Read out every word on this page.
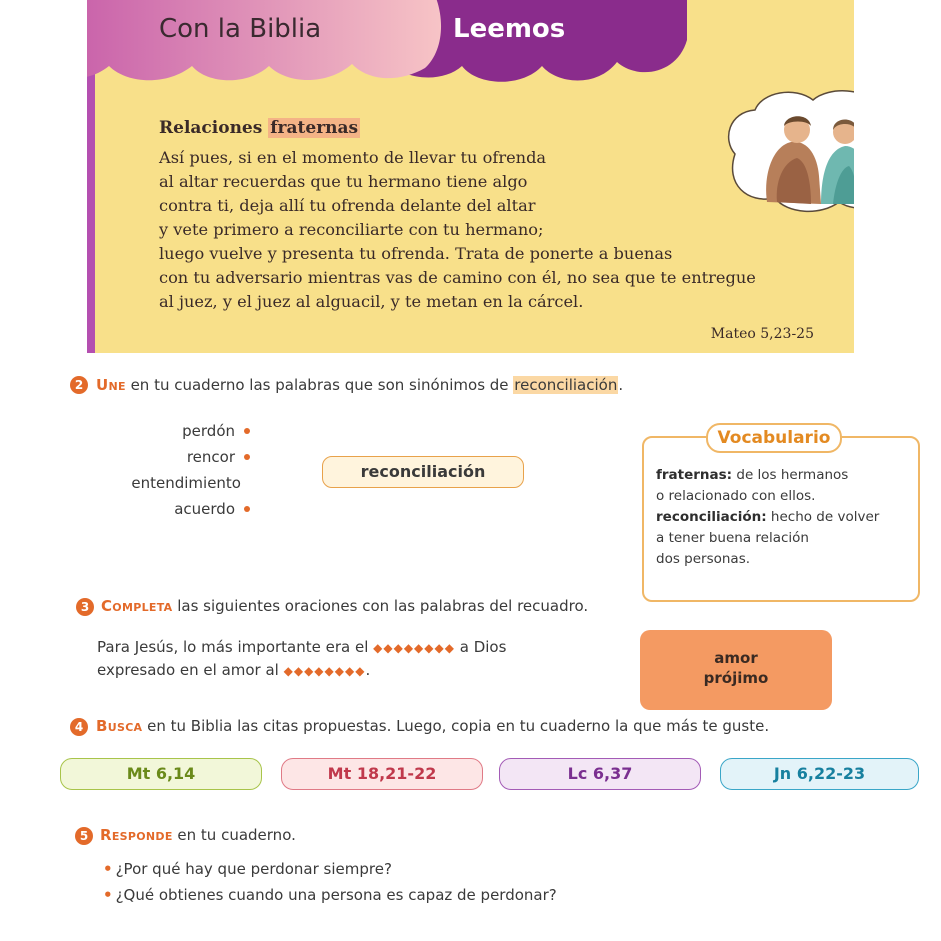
Con la Biblia	Leemos
Relaciones fraternas
Así pues, si en el momento de llevar tu ofrenda
al altar recuerdas que tu hermano tiene algo
contra ti, deja allí tu ofrenda delante del altar
y vete primero a reconciliarte con tu hermano;
luego vuelve y presenta tu ofrenda. Trata de ponerte a buenas
con tu adversario mientras vas de camino con él, no sea que te entregue
al juez, y el juez al alguacil, y te metan en la cárcel.
Mateo 5,23-25
2 Une en tu cuaderno las palabras que son sinónimos de reconciliación.
perdón
rencor
entendimiento
acuerdo
reconciliación
Vocabulario
fraternas: de los hermanos
o relacionado con ellos.
reconciliación: hecho de volver
a tener buena relación
dos personas.
3 Completa las siguientes oraciones con las palabras del recuadro.
Para Jesús, lo más importante era el ◆◆◆◆◆◆◆◆ a Dios
expresado en el amor al ◆◆◆◆◆◆◆◆.
amor
prójimo
4 Busca en tu Biblia las citas propuestas. Luego, copia en tu cuaderno la que más te guste.
Mt 6,14	Mt 18,21-22	Lc 6,37	Jn 6,22-23
5 Responde en tu cuaderno.
• ¿Por qué hay que perdonar siempre?
• ¿Qué obtienes cuando una persona es capaz de perdonar?
